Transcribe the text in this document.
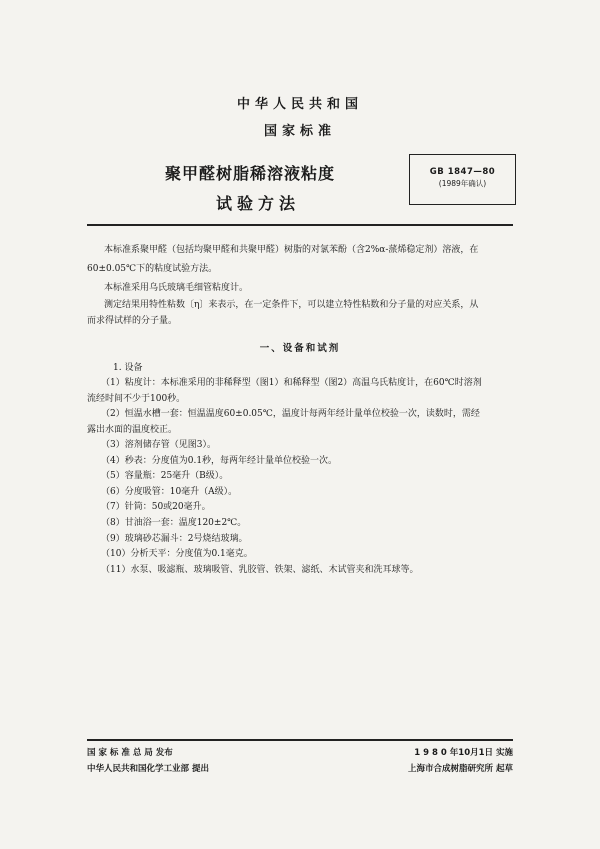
中华人民共和国
国家标准
聚甲醛树脂稀溶液粘度
试验方法
GB 1847—80
(1989年确认)
本标准系聚甲醛（包括均聚甲醛和共聚甲醛）树脂的对氯苯酚（含2%α-蒎烯稳定剂）溶液，在
60±0.05℃下的粘度试验方法。
本标准采用乌氏玻璃毛细管粘度计。
测定结果用特性粘数〔η〕来表示，在一定条件下，可以建立特性粘数和分子量的对应关系，从
而求得试样的分子量。
一、设备和试剂
1. 设备
（1）粘度计：本标准采用的非稀释型（图1）和稀释型（图2）高温乌氏粘度计，在60℃时溶剂
流经时间不少于100秒。
（2）恒温水槽一套：恒温温度60±0.05℃，温度计每两年经计量单位校验一次，读数时，需经
露出水面的温度校正。
（3）溶剂储存管（见图3）。
（4）秒表：分度值为0.1秒，每两年经计量单位校验一次。
（5）容量瓶：25毫升（B级）。
（6）分度吸管：10毫升（A级）。
（7）针筒：50或20毫升。
（8）甘油浴一套：温度120±2℃。
（9）玻璃砂芯漏斗：2号烧结玻璃。
（10）分析天平：分度值为0.1毫克。
（11）水泵、吸滤瓶、玻璃吸管、乳胶管、铁架、滤纸、木试管夹和洗耳球等。
国 家 标 准 总 局 发布
中华人民共和国化学工业部 提出
1 9 8 0 年10月1日 实施
上海市合成树脂研究所 起草
